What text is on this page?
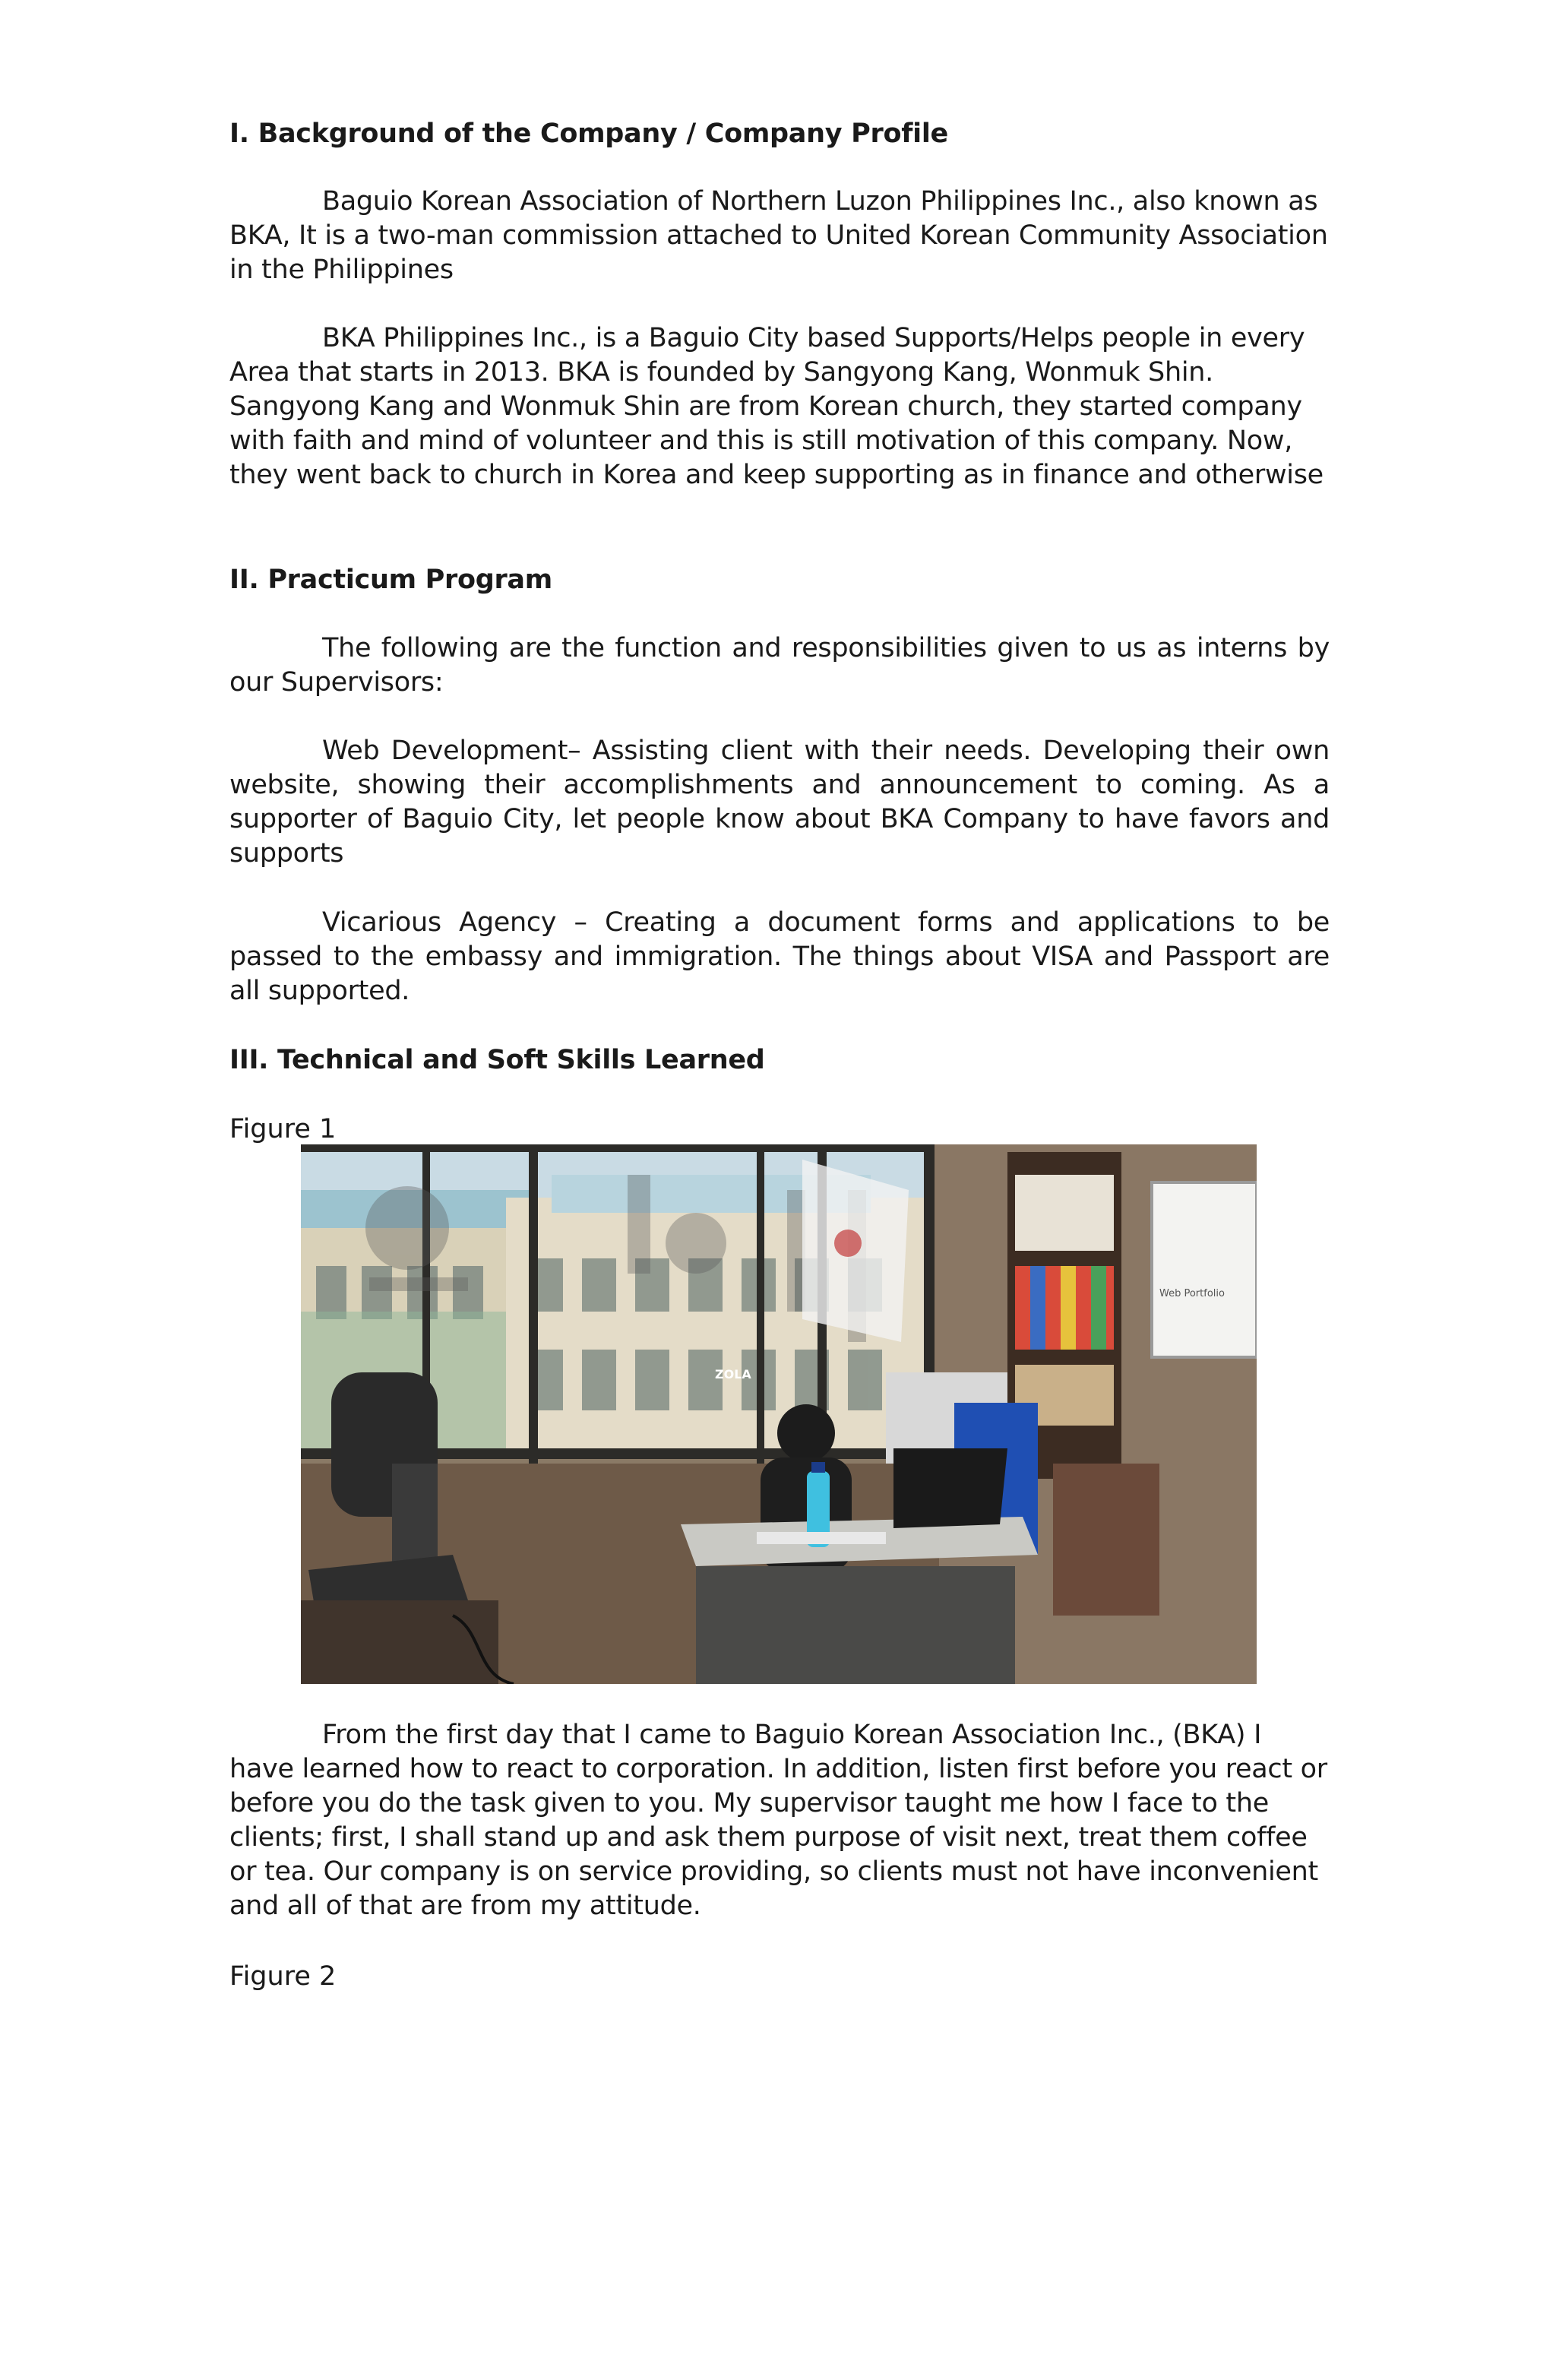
I. Background of the Company / Company Profile

Baguio Korean Association of Northern Luzon Philippines Inc., also known as BKA, It is a two-man commission attached to United Korean Community Association in the Philippines

BKA Philippines Inc., is a Baguio City based Supports/Helps people in every Area that starts in 2013. BKA is founded by Sangyong Kang, Wonmuk Shin. Sangyong Kang and Wonmuk Shin are from Korean church, they started company with faith and mind of volunteer and this is still motivation of this company. Now, they went back to church in Korea and keep supporting as in finance and otherwise

II. Practicum Program

The following are the function and responsibilities given to us as interns by our Supervisors:

Web Development– Assisting client with their needs. Developing their own website, showing their accomplishments and announcement to coming. As a supporter of Baguio City, let people know about BKA Company to have favors and supports

Vicarious Agency – Creating a document forms and applications to be passed to the embassy and immigration. The things about VISA and Passport are all supported.

III. Technical and Soft Skills Learned

Figure 1

ZOLA
Web Portfolio

From the first day that I came to Baguio Korean Association Inc., (BKA) I have learned how to react to corporation. In addition, listen first before you react or before you do the task given to you. My supervisor taught me how I face to the clients; first, I shall stand up and ask them purpose of visit next, treat them coffee or tea. Our company is on service providing, so clients must not have inconvenient and all of that are from my attitude.

Figure 2
